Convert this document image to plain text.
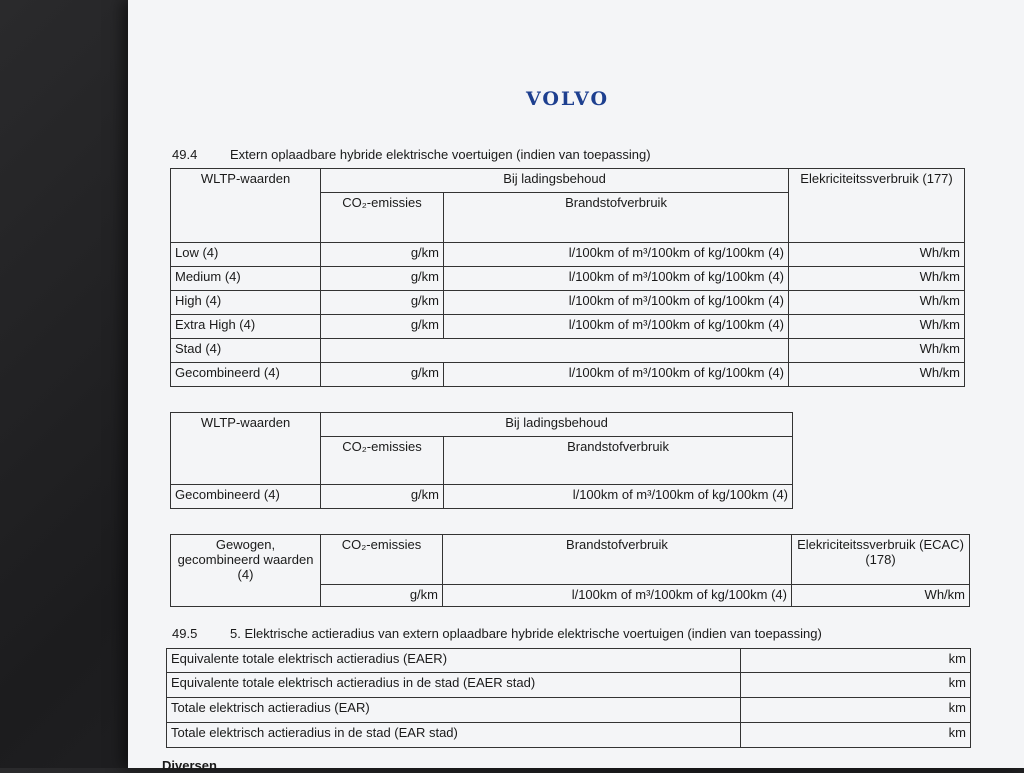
VOLVO
49.4	Extern oplaadbare hybride elektrische voertuigen (indien van toepassing)
WLTP-waarden	Bij ladingsbehoud		Elekriciteitssverbruik (177)
	CO₂-emissies	Brandstofverbruik	
Low (4)	g/km	l/100km of m³/100km of kg/100km (4)	Wh/km
Medium (4)	g/km	l/100km of m³/100km of kg/100km (4)	Wh/km
High (4)	g/km	l/100km of m³/100km of kg/100km (4)	Wh/km
Extra High (4)	g/km	l/100km of m³/100km of kg/100km (4)	Wh/km
Stad (4)			Wh/km
Gecombineerd (4)	g/km	l/100km of m³/100km of kg/100km (4)	Wh/km
WLTP-waarden	Bij ladingsbehoud	
	CO₂-emissies	Brandstofverbruik
Gecombineerd (4)	g/km	l/100km of m³/100km of kg/100km (4)
Gewogen, gecombineerd waarden (4)	CO₂-emissies	Brandstofverbruik	Elekriciteitssverbruik (ECAC) (178)
	g/km	l/100km of m³/100km of kg/100km (4)	Wh/km
49.5	5. Elektrische actieradius van extern oplaadbare hybride elektrische voertuigen (indien van toepassing)
Equivalente totale elektrisch actieradius (EAER)	km
Equivalente totale elektrisch actieradius in de stad (EAER stad)	km
Totale elektrisch actieradius (EAR)	km
Totale elektrisch actieradius in de stad (EAR stad)	km
Diversen
